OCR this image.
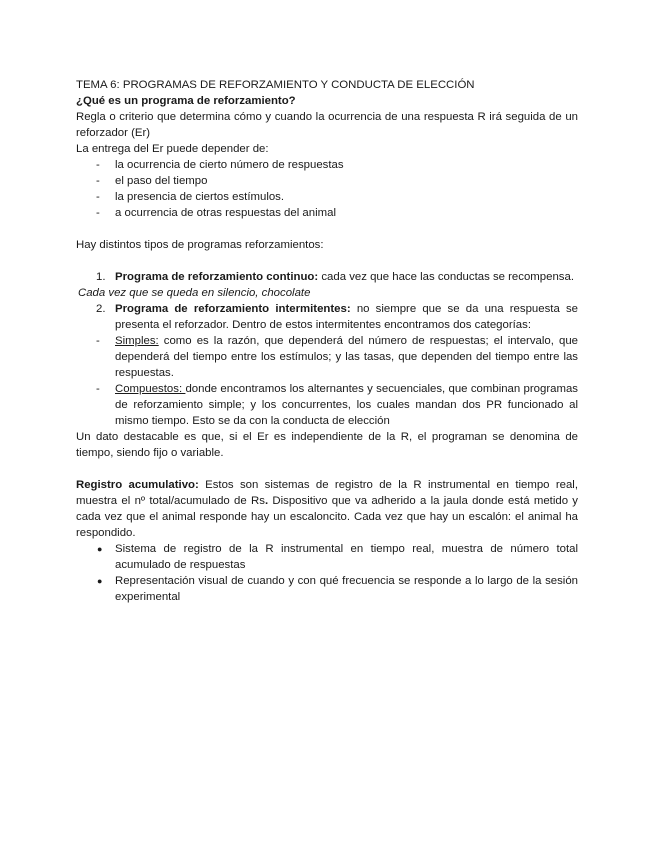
TEMA 6: PROGRAMAS DE REFORZAMIENTO Y CONDUCTA DE ELECCIÓN

¿Qué es un programa de reforzamiento?

Regla o criterio que determina cómo y cuando la ocurrencia de una respuesta R irá seguida de un reforzador (Er)

La entrega del Er puede depender de:

- la ocurrencia de cierto número de respuestas
- el paso del tiempo
- la presencia de ciertos estímulos.
- a ocurrencia de otras respuestas del animal

Hay distintos tipos de programas reforzamientos:

1. Programa de reforzamiento continuo: cada vez que hace las conductas se recompensa.

Cada vez que se queda en silencio, chocolate

2. Programa de reforzamiento intermitentes: no siempre que se da una respuesta se presenta el reforzador. Dentro de estos intermitentes encontramos dos categorías:
- Simples: como es la razón, que dependerá del número de respuestas; el intervalo, que dependerá del tiempo entre los estímulos; y las tasas, que dependen del tiempo entre las respuestas.
- Compuestos: donde encontramos los alternantes y secuenciales, que combinan programas de reforzamiento simple; y los concurrentes, los cuales mandan dos PR funcionado al mismo tiempo. Esto se da con la conducta de elección

Un dato destacable es que, si el Er es independiente de la R, el programan se denomina de tiempo, siendo fijo o variable.

Registro acumulativo: Estos son sistemas de registro de la R instrumental en tiempo real, muestra el nº total/acumulado de Rs. Dispositivo que va adherido a la jaula donde está metido y cada vez que el animal responde hay un escaloncito. Cada vez que hay un escalón: el animal ha respondido.

● Sistema de registro de la R instrumental en tiempo real, muestra de número total acumulado de respuestas
● Representación visual de cuando y con qué frecuencia se responde a lo largo de la sesión experimental
